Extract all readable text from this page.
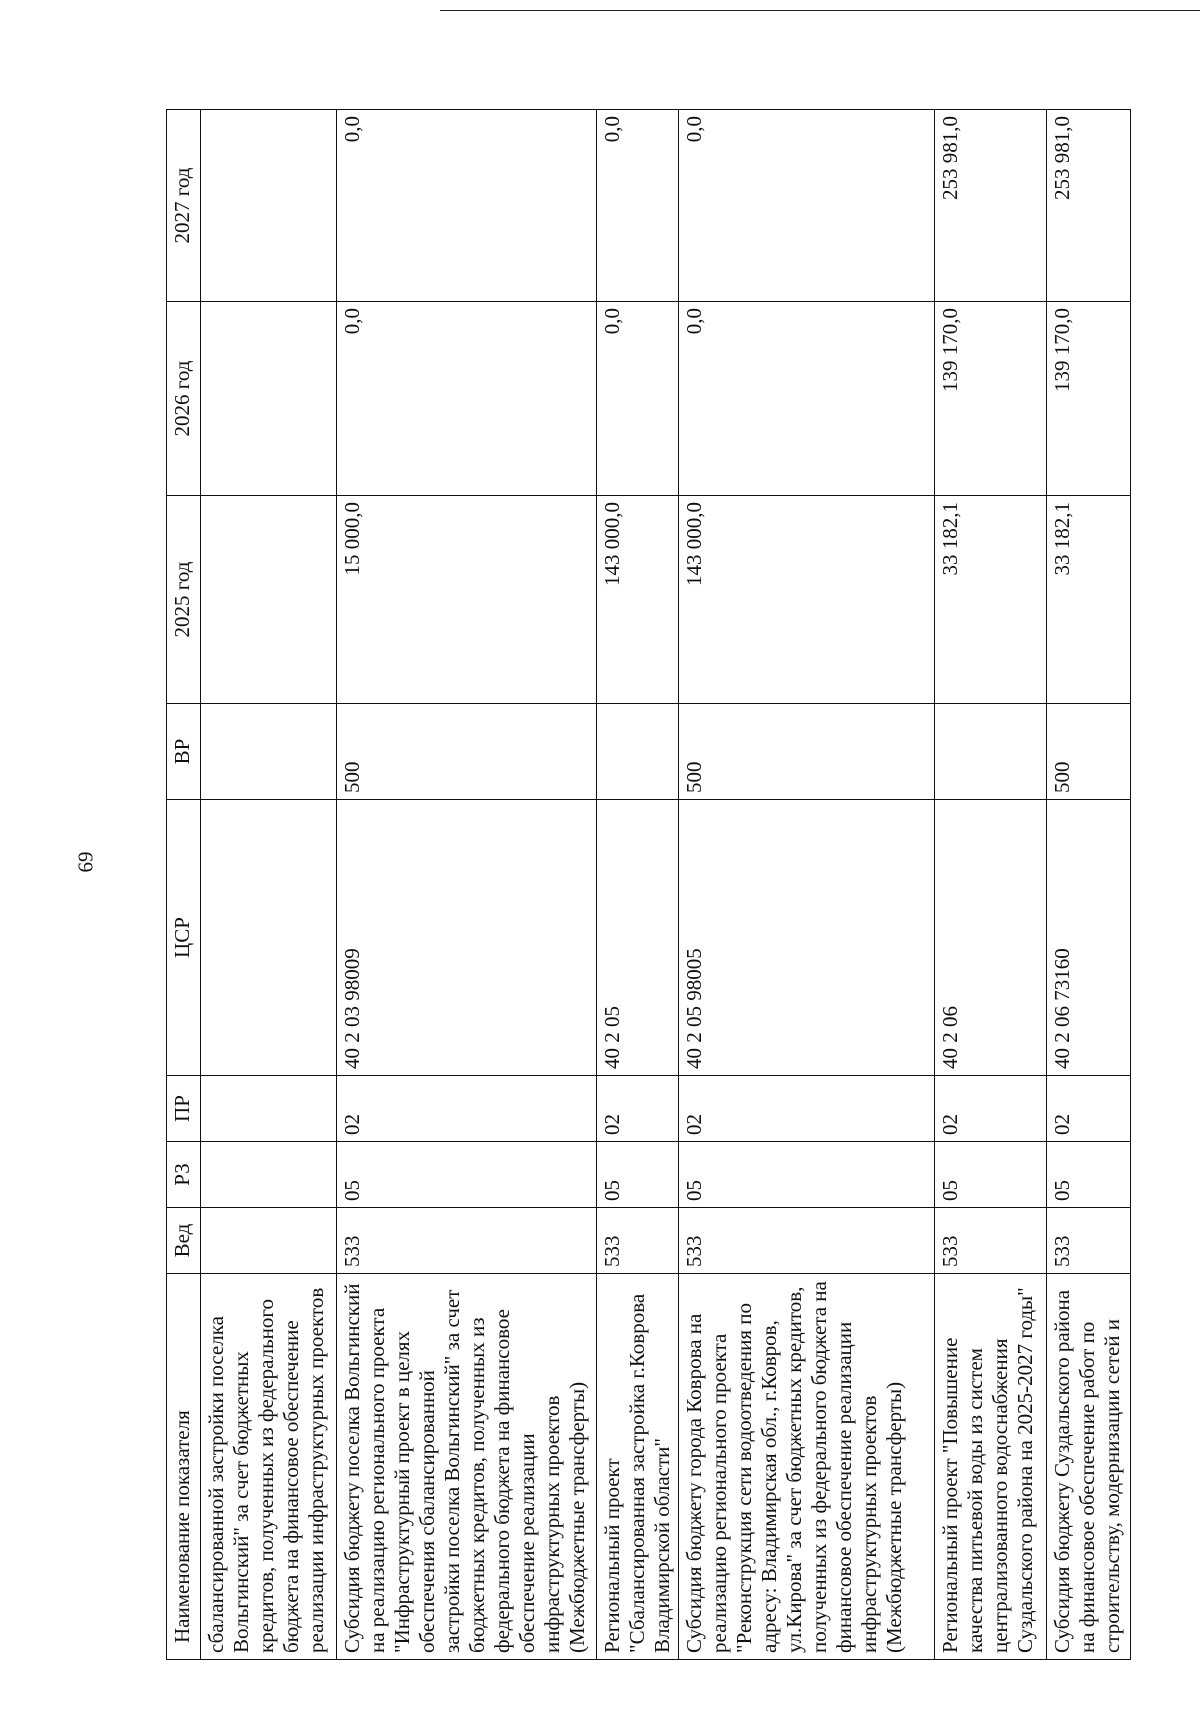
69
Наименование показателя	Вед	РЗ	ПР	ЦСР	ВР	2025 год	2026 год	2027 год
сбалансированной застройки поселка Вольгинский" за счет бюджетных кредитов, полученных из федерального бюджета на финансовое обеспечение реализации инфраструктурных проектов								
Субсидия бюджету поселка Вольгинский на реализацию регионального проекта "Инфраструктурный проект в целях обеспечения сбалансированной застройки поселка Вольгинский" за счет бюджетных кредитов, полученных из федерального бюджета на финансовое обеспечение реализации инфраструктурных проектов (Межбюджетные трансферты)	533	05	02	40 2 03 98009	500	15 000,0	0,0	0,0
Региональный проект "Сбалансированная застройка г.Коврова Владимирской области"	533	05	02	40 2 05		143 000,0	0,0	0,0
Субсидия бюджету города Коврова на реализацию регионального проекта "Реконструкция сети водоотведения по адресу: Владимирская обл., г.Ковров, ул.Кирова" за счет бюджетных кредитов, полученных из федерального бюджета на финансовое обеспечение реализации инфраструктурных проектов (Межбюджетные трансферты)	533	05	02	40 2 05 98005	500	143 000,0	0,0	0,0
Региональный проект "Повышение качества питьевой воды из систем централизованного водоснабжения Суздальского района на 2025-2027 годы"	533	05	02	40 2 06		33 182,1	139 170,0	253 981,0
Субсидия бюджету Суздальского района на финансовое обеспечение работ по строительству, модернизации сетей и	533	05	02	40 2 06 73160	500	33 182,1	139 170,0	253 981,0
